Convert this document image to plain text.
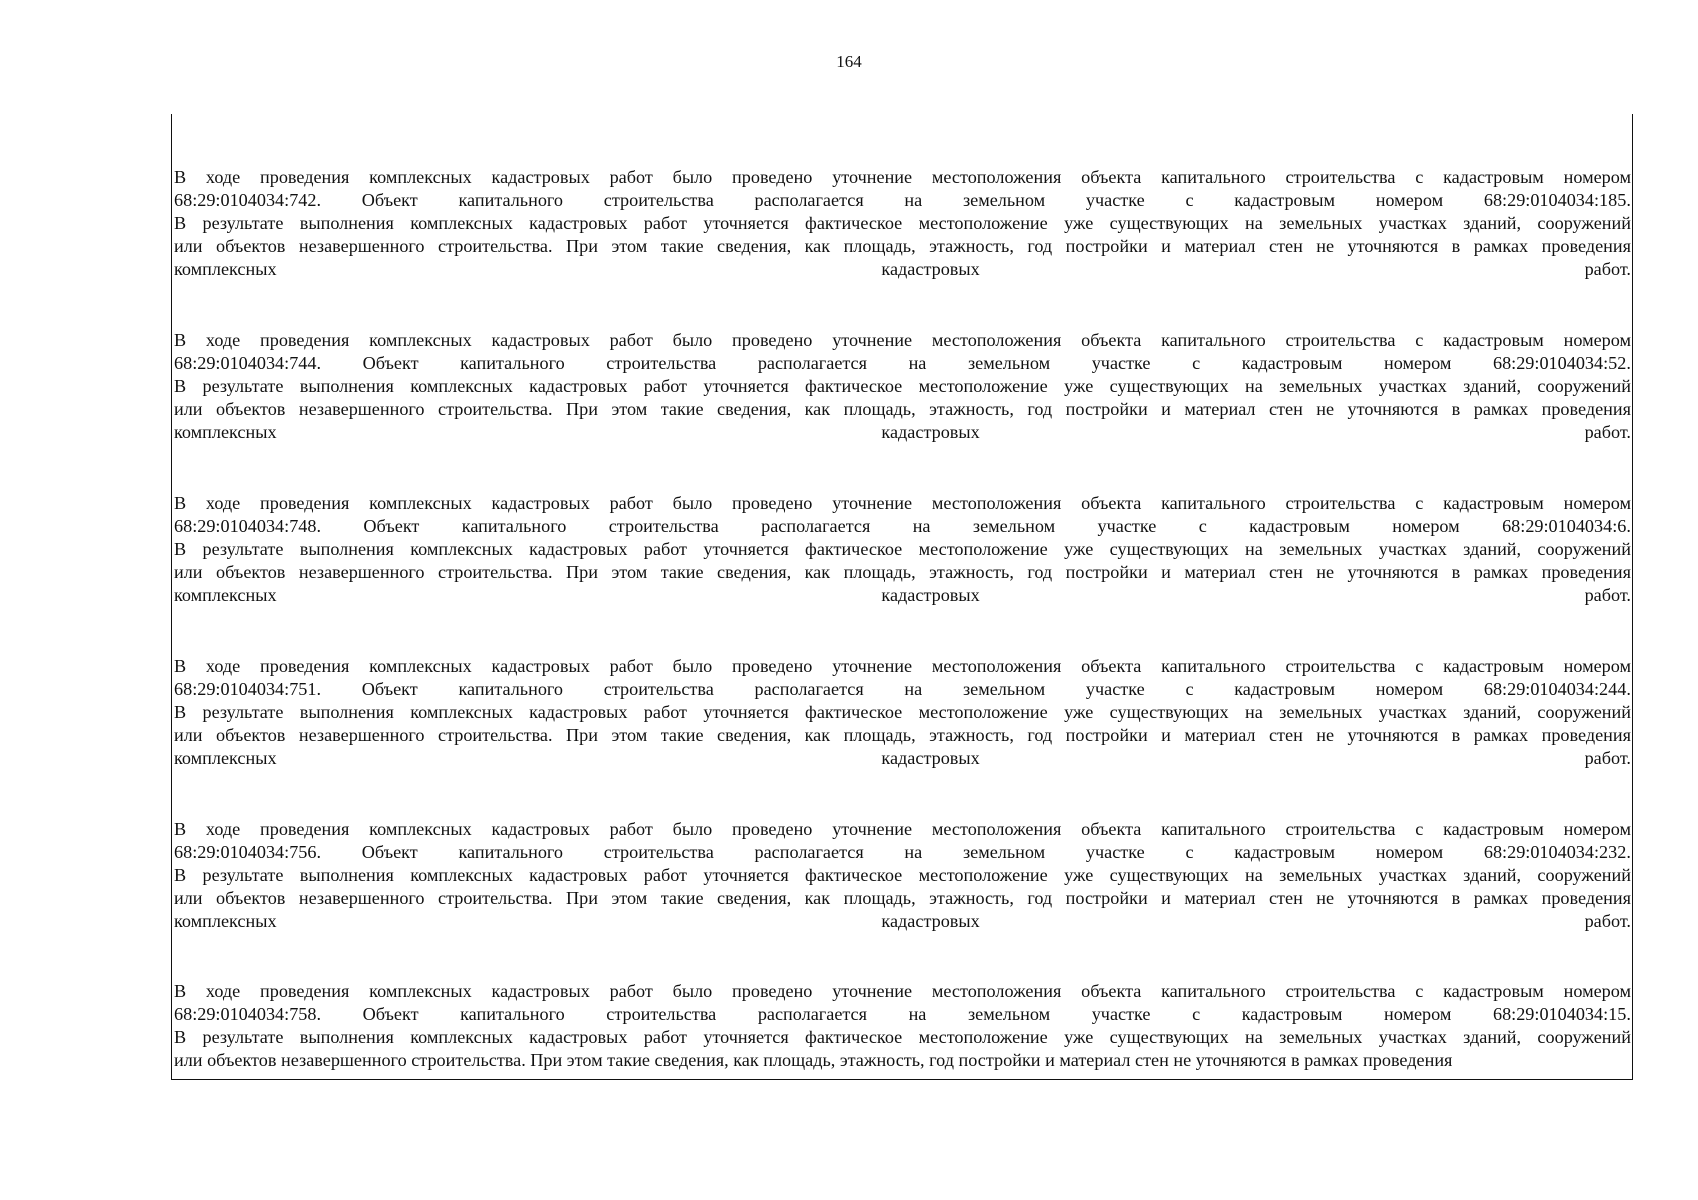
164
В ходе проведения комплексных кадастровых работ было проведено уточнение местоположения объекта капитального строительства с кадастровым номером
68:29:0104034:742. Объект капитального строительства располагается на земельном участке с кадастровым номером 68:29:0104034:185.
В результате выполнения комплексных кадастровых работ уточняется фактическое местоположение уже существующих на земельных участках зданий, сооружений
или объектов незавершенного строительства. При этом такие сведения, как площадь, этажность, год постройки и материал стен не уточняются в рамках проведения
комплексных	кадастровых	работ.
В ходе проведения комплексных кадастровых работ было проведено уточнение местоположения объекта капитального строительства с кадастровым номером
68:29:0104034:744. Объект капитального строительства располагается на земельном участке с кадастровым номером 68:29:0104034:52.
В результате выполнения комплексных кадастровых работ уточняется фактическое местоположение уже существующих на земельных участках зданий, сооружений
или объектов незавершенного строительства. При этом такие сведения, как площадь, этажность, год постройки и материал стен не уточняются в рамках проведения
комплексных	кадастровых	работ.
В ходе проведения комплексных кадастровых работ было проведено уточнение местоположения объекта капитального строительства с кадастровым номером
68:29:0104034:748. Объект капитального строительства располагается на земельном участке с кадастровым номером 68:29:0104034:6.
В результате выполнения комплексных кадастровых работ уточняется фактическое местоположение уже существующих на земельных участках зданий, сооружений
или объектов незавершенного строительства. При этом такие сведения, как площадь, этажность, год постройки и материал стен не уточняются в рамках проведения
комплексных	кадастровых	работ.
В ходе проведения комплексных кадастровых работ было проведено уточнение местоположения объекта капитального строительства с кадастровым номером
68:29:0104034:751. Объект капитального строительства располагается на земельном участке с кадастровым номером 68:29:0104034:244.
В результате выполнения комплексных кадастровых работ уточняется фактическое местоположение уже существующих на земельных участках зданий, сооружений
или объектов незавершенного строительства. При этом такие сведения, как площадь, этажность, год постройки и материал стен не уточняются в рамках проведения
комплексных	кадастровых	работ.
В ходе проведения комплексных кадастровых работ было проведено уточнение местоположения объекта капитального строительства с кадастровым номером
68:29:0104034:756. Объект капитального строительства располагается на земельном участке с кадастровым номером 68:29:0104034:232.
В результате выполнения комплексных кадастровых работ уточняется фактическое местоположение уже существующих на земельных участках зданий, сооружений
или объектов незавершенного строительства. При этом такие сведения, как площадь, этажность, год постройки и материал стен не уточняются в рамках проведения
комплексных	кадастровых	работ.
В ходе проведения комплексных кадастровых работ было проведено уточнение местоположения объекта капитального строительства с кадастровым номером
68:29:0104034:758. Объект капитального строительства располагается на земельном участке с кадастровым номером 68:29:0104034:15.
В результате выполнения комплексных кадастровых работ уточняется фактическое местоположение уже существующих на земельных участках зданий, сооружений
или объектов незавершенного строительства. При этом такие сведения, как площадь, этажность, год постройки и материал стен не уточняются в рамках проведения
